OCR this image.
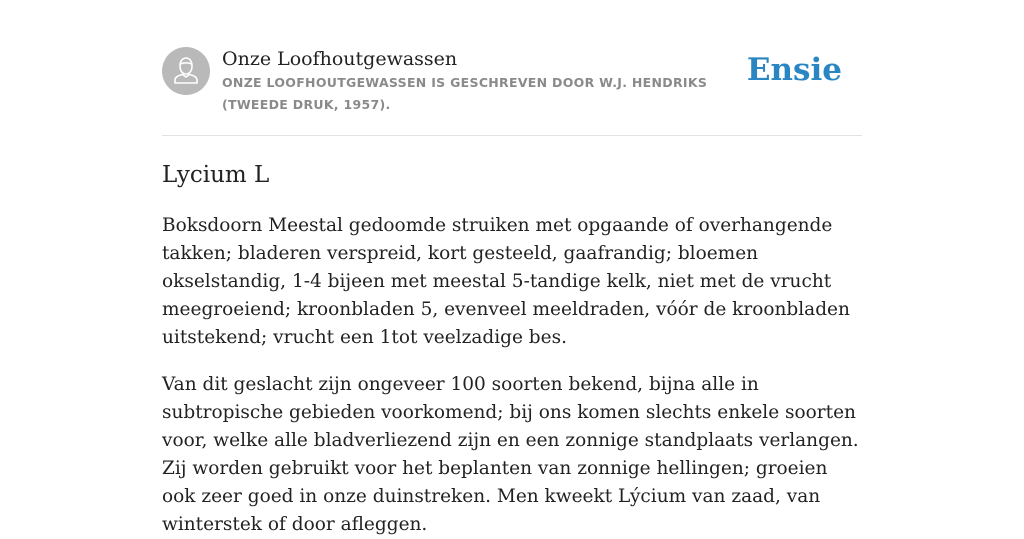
Onze Loofhoutgewassen
ONZE LOOFHOUTGEWASSEN IS GESCHREVEN DOOR W.J. HENDRIKS (TWEEDE DRUK, 1957).
Ensie
Lycium L

Boksdoorn Meestal gedoomde struiken met opgaande of overhangende takken; bladeren verspreid, kort gesteeld, gaafrandig; bloemen okselstandig, 1-4 bijeen met meestal 5-tandige kelk, niet met de vrucht meegroeiend; kroonbladen 5, evenveel meeldraden, vóór de kroonbladen uitstekend; vrucht een 1tot veelzadige bes.

Van dit geslacht zijn ongeveer 100 soorten bekend, bijna alle in subtropische gebieden voorkomend; bij ons komen slechts enkele soorten voor, welke alle bladverliezend zijn en een zonnige standplaats verlangen. Zij worden gebruikt voor het beplanten van zonnige hellingen; groeien ook zeer goed in onze duinstreken. Men kweekt Lýcium van zaad, van winterstek of door afleggen.
